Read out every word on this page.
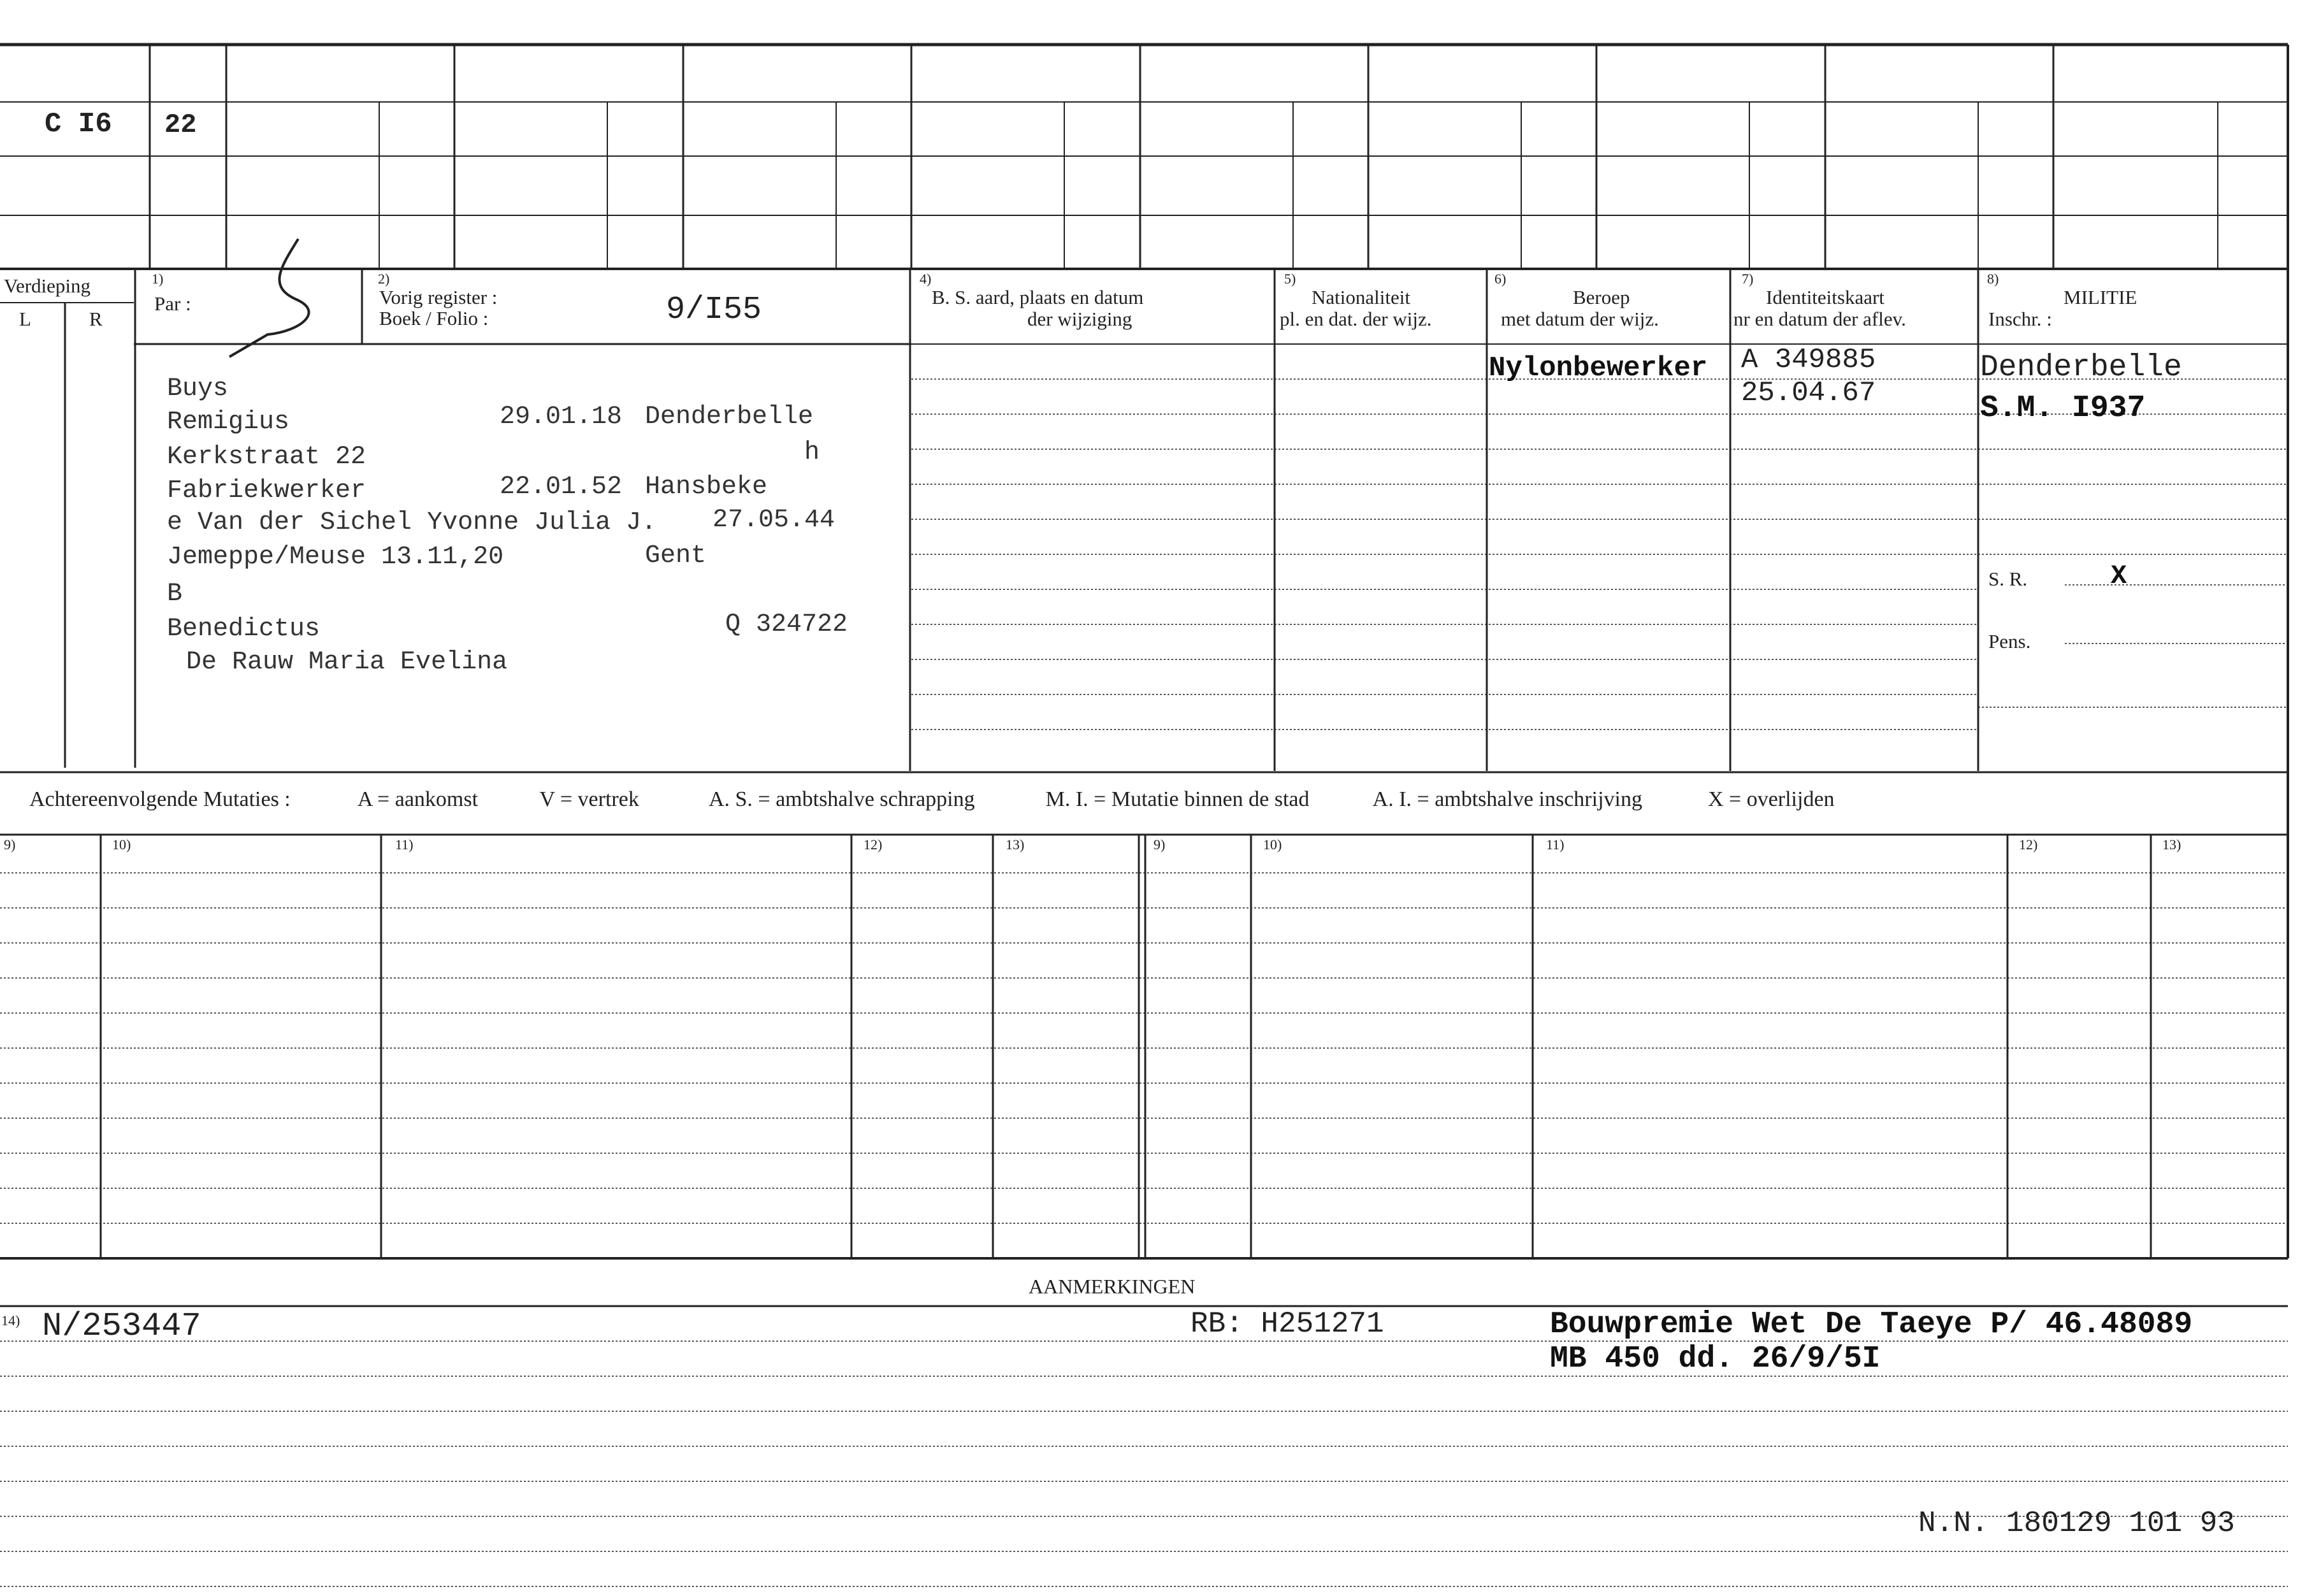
C I6 22
Verdieping
L	R
1)
Par :
2)
Vorig register :
Boek / Folio :	9/I55
4)
B. S. aard, plaats en datum
der wijziging
5)
Nationaliteit
pl. en dat. der wijz.
6)
Beroep
met datum der wijz.
7)
Identiteitskaart
nr en datum der aflev.
8)
MILITIE
Inschr. :
Buys
Remigius	29.01.18 Denderbelle
Kerkstraat 22	h
Fabriekwerker	22.01.52 Hansbeke
e Van der Sichel Yvonne Julia J. 27.05.44
Jemeppe/Meuse 13.11,20	Gent
B
Benedictus	Q 324722
De Rauw Maria Evelina
Nylonbewerker A 349885
25.04.67
Denderbelle
S.M. I937
S. R.	X
Pens.
Achtereenvolgende Mutaties :	A = aankomst	V = vertrek	A. S. = ambtshalve schrapping	M. I. = Mutatie binnen de stad	A. I. = ambtshalve inschrijving	X = overlijden
9)	10)	11)	12)	13)	9)	10)	11)	12)	13)
AANMERKINGEN
14) N/253447	RB: H251271	Bouwpremie Wet De Taeye P/ 46.48089
MB 450 dd. 26/9/5I
N.N. 180129 101 93
